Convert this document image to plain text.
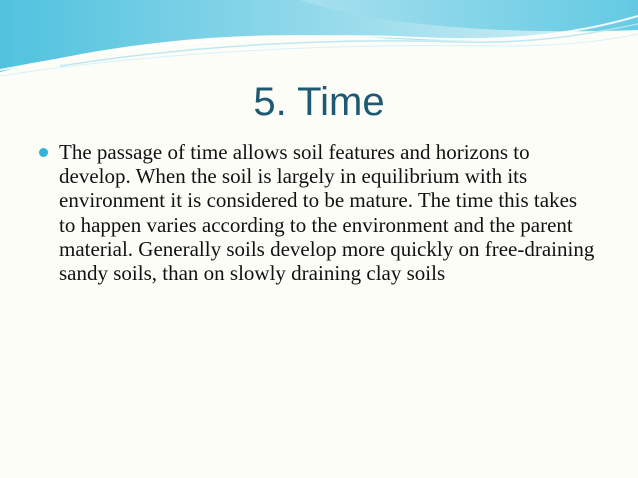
5. Time
The passage of time allows soil features and horizons to develop. When the soil is largely in equilibrium with its environment it is considered to be mature. The time this takes to happen varies according to the environment and the parent material. Generally soils develop more quickly on free-draining sandy soils, than on slowly draining clay soils
